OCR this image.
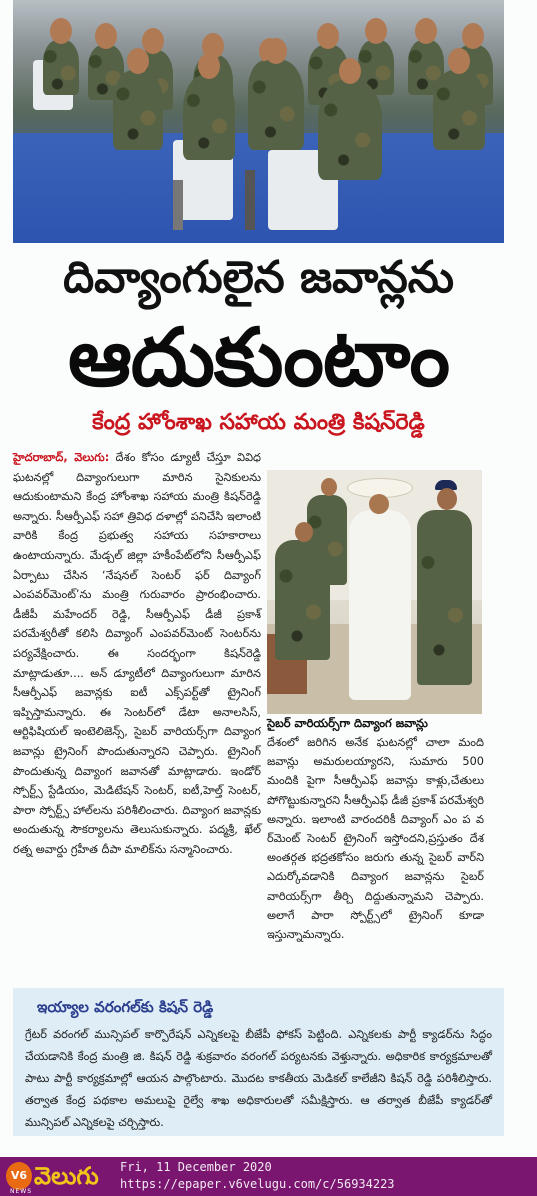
దివ్యాంగులైన జవాన్లను
ఆదుకుంటాం
కేంద్ర హోంశాఖ సహాయ మంత్రి కిషన్‌రెడ్డి
హైదరాబాద్‌, వెలుగు: దేశం కోసం డ్యూటీ చేస్తూ వివిధ ఘటనల్లో దివ్యాంగులుగా మారిన సైనికులను ఆదుకుంటామని కేంద్ర హోంశాఖ సహాయ మంత్రి కిషన్‌రెడ్డి అన్నారు. సీఆర్పీఎఫ్‌ సహా త్రివిధ దళాల్లో పనిచేసి ఇలాంటి వారికి కేంద్ర ప్రభుత్వ సహాయ సహకారాలు ఉంటాయన్నారు. మేడ్చల్‌ జిల్లా హకీంపేట్‌లోని సీఆర్పీఎఫ్‌ ఏర్పాటు చేసిన ‘నేషనల్‌ సెంటర్‌ ఫర్‌ దివ్యాంగ్‌ ఎంపవర్‌మెంట్‌’ను మంత్రి గురువారం ప్రారంభించారు. డీజీపీ మహేందర్‌ రెడ్డి, సీఆర్పీఎఫ్‌ డీజీ ప్రకాశ్‌ పరమేశ్వరీతో కలిసి దివ్యాంగ్‌ ఎంపవర్‌మెంట్‌ సెంటర్‌ను పర్యవేక్షించారు. ఈ సందర్భంగా కిషన్‌రెడ్డి మాట్లాడుతూ.... అన్‌ డ్యూటీలో దివ్యాంగులుగా మారిన సీఆర్పీఎఫ్‌ జవాన్లకు ఐటీ ఎక్స్‌పర్ట్‌తో ట్రైనింగ్‌ ఇప్పిస్తామన్నారు. ఈ సెంటర్‌లో డేటా అనాలసిస్‌, ఆర్టిఫిషియల్‌ ఇంటెలిజెన్స్‌, సైబర్‌ వారియర్స్‌గా దివ్యాంగ జవాన్లు ట్రైనింగ్‌ పొందుతున్నారని చెప్పారు. ట్రైనింగ్‌ పొందుతున్న దివ్యాంగ జవానతో మాట్లాడారు. ఇండోర్‌ స్పోర్ట్స్‌ స్టేడియం, మెడిటేషన్‌ సెంటర్‌, ఐటీ,హెల్త్‌ సెంటర్‌, పారా స్పోర్ట్స్‌ హాల్‌లను పరిశీలించారు. దివ్యాంగ జవాన్లకు అందుతున్న సౌకర్యాలను తెలుసుకున్నారు. పద్మశ్రీ, ఖేల్‌ రత్న అవార్డు గ్రహీత దీపా మాలిక్‌ను సన్మానించారు.
సైబర్‌ వారియర్స్‌గా దివ్యాంగ జవాన్లు
దేశంలో జరిగిన అనేక ఘటనల్లో చాలా మంది జవాన్లు అమరులయ్యారని, సుమారు 500 మందికి పైగా సీఆర్పీఎఫ్‌ జవాన్లు కాళ్లు,చేతులు పోగొట్టుకున్నారని సీఆర్పీఎఫ్‌ డీజీ ప్రకాశ్‌ పరమేశ్వరి అన్నారు. ఇలాంటి వారందరికీ దివ్యాంగ్‌ ఎం ప వ ర్‌మెంట్‌ సెంటర్‌ ట్రైనింగ్‌ ఇస్తోందని,ప్రస్తుతం దేశ అంతర్గత భద్రతకోసం జరుగు తున్న సైబర్‌ వార్‌ని ఎదుర్కోవడానికి దివ్యాంగ జవాన్లను సైబర్‌ వారియర్స్‌గా తీర్చి దిద్దుతున్నామని చెప్పారు. అలాగే పారా స్పోర్ట్స్‌లో ట్రైనింగ్‌ కూడా ఇస్తున్నామన్నారు.
ఇయ్యాల వరంగల్‌కు కిషన్‌ రెడ్డి
గ్రేటర్‌ వరంగల్‌ మున్సిపల్‌ కార్పొరేషన్‌ ఎన్నికలపై బీజేపీ ఫోకస్‌ పెట్టింది. ఎన్నికలకు పార్టీ క్యాడర్‌ను సిద్ధం చేయడానికి కేంద్ర మంత్రి జి. కిషన్‌ రెడ్డి శుక్రవారం వరంగల్‌ పర్యటనకు వెళ్తున్నారు. అధికారిక కార్యక్రమాలతో పాటు పార్టీ కార్యక్రమాల్లో ఆయన పాల్గొంటారు. మొదట కాకతీయ మెడికల్‌ కాలేజీని కిషన్‌ రెడ్డి పరిశీలిస్తారు. తర్వాత కేంద్ర పథకాల అమలుపై రైల్వే శాఖ అధికారులతో సమీక్షిస్తారు. ఆ తర్వాత బీజేపీ క్యాడర్‌తో మున్సిపల్‌ ఎన్నికలపై చర్చిస్తారు.
V6 వెలుగు
NEWS
Fri, 11 December 2020
https://epaper.v6velugu.com/c/56934223
